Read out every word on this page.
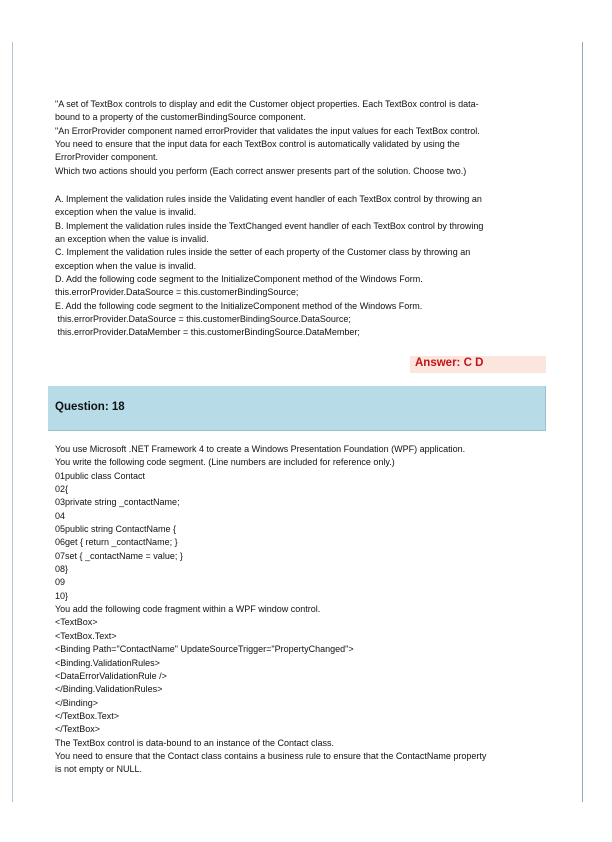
"A set of TextBox controls to display and edit the Customer object properties. Each TextBox control is data-
bound to a property of the customerBindingSource component.
"An ErrorProvider component named errorProvider that validates the input values for each TextBox control.
You need to ensure that the input data for each TextBox control is automatically validated by using the
ErrorProvider component.
Which two actions should you perform (Each correct answer presents part of the solution. Choose two.)
A. Implement the validation rules inside the Validating event handler of each TextBox control by throwing an
exception when the value is invalid.
B. Implement the validation rules inside the TextChanged event handler of each TextBox control by throwing
an exception when the value is invalid.
C. Implement the validation rules inside the setter of each property of the Customer class by throwing an
exception when the value is invalid.
D. Add the following code segment to the InitializeComponent method of the Windows Form.
this.errorProvider.DataSource = this.customerBindingSource;
E. Add the following code segment to the InitializeComponent method of the Windows Form.
this.errorProvider.DataSource = this.customerBindingSource.DataSource;
this.errorProvider.DataMember = this.customerBindingSource.DataMember;
Answer: C D
Question: 18
You use Microsoft .NET Framework 4 to create a Windows Presentation Foundation (WPF) application.
You write the following code segment. (Line numbers are included for reference only.)
01public class Contact
02{
03private string _contactName;
04
05public string ContactName {
06get { return _contactName; }
07set { _contactName = value; }
08}
09
10}
You add the following code fragment within a WPF window control.
<TextBox>
<TextBox.Text>
<Binding Path="ContactName" UpdateSourceTrigger="PropertyChanged">
<Binding.ValidationRules>
<DataErrorValidationRule />
</Binding.ValidationRules>
</Binding>
</TextBox.Text>
</TextBox>
The TextBox control is data-bound to an instance of the Contact class.
You need to ensure that the Contact class contains a business rule to ensure that the ContactName property
is not empty or NULL.
